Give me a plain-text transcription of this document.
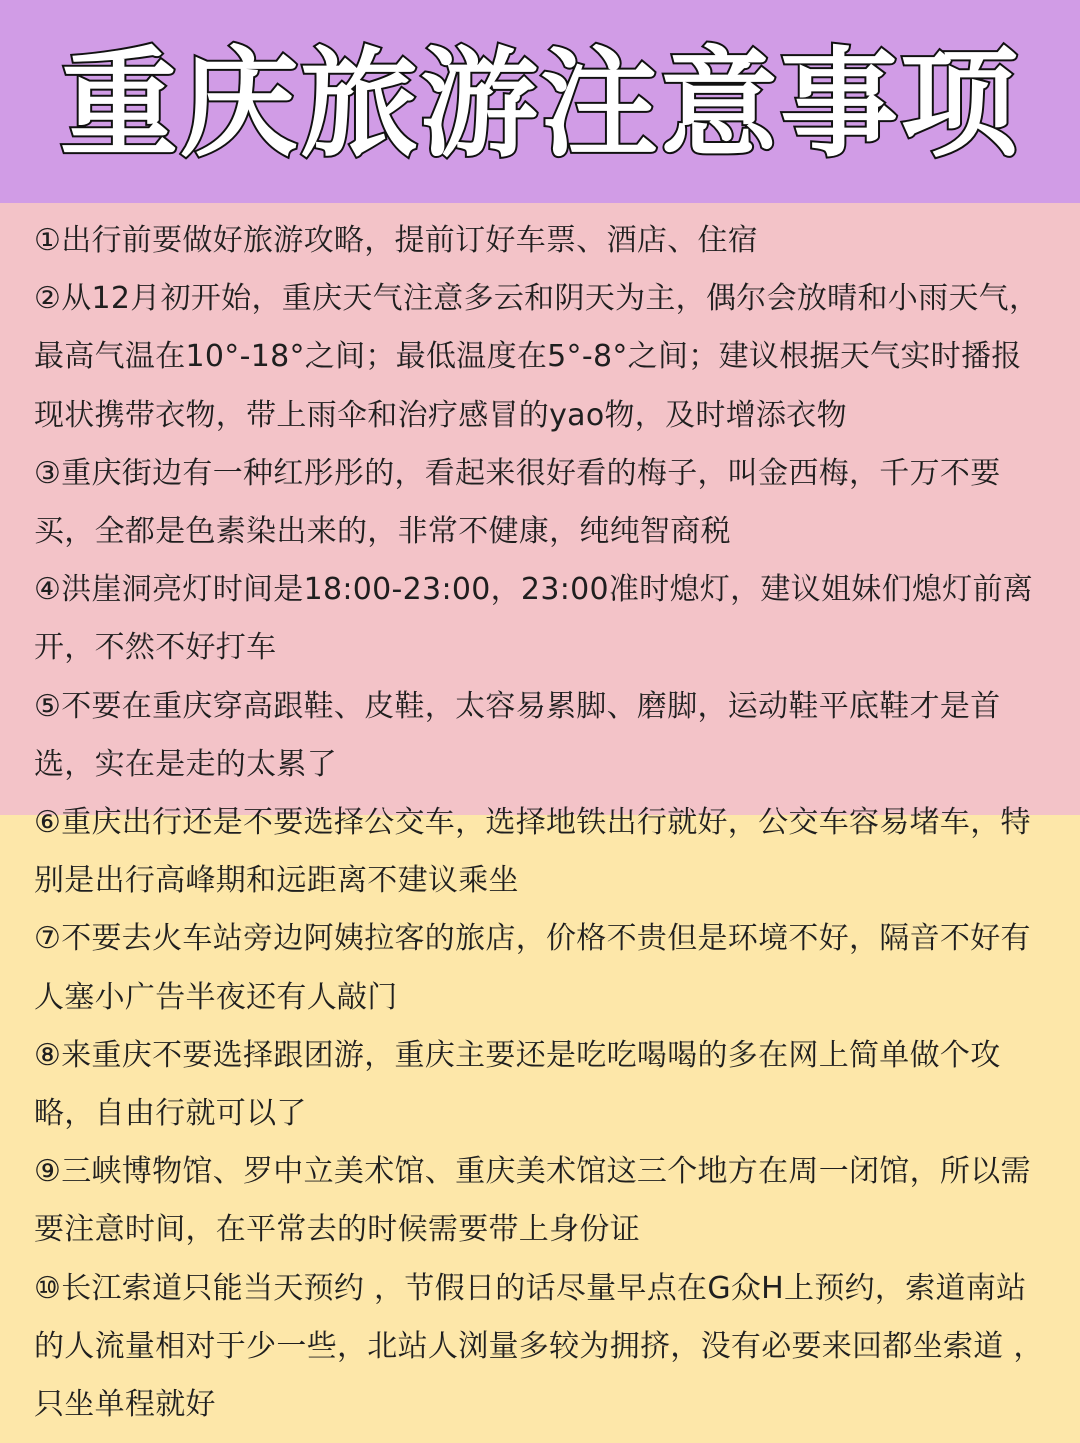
重庆旅游注意事项

①出行前要做好旅游攻略，提前订好车票、酒店、住宿

②从12月初开始，重庆天气注意多云和阴天为主，偶尔会放晴和小雨天气，最高气温在10°-18°之间；最低温度在5°-8°之间；建议根据天气实时播报现状携带衣物，带上雨伞和治疗感冒的yao物，及时增添衣物

③重庆街边有一种红彤彤的，看起来很好看的梅子，叫金西梅，千万不要买，全都是色素染出来的，非常不健康，纯纯智商税

④洪崖洞亮灯时间是18:00-23:00，23:00准时熄灯，建议姐妹们熄灯前离开，不然不好打车

⑤不要在重庆穿高跟鞋、皮鞋，太容易累脚、磨脚，运动鞋平底鞋才是首选，实在是走的太累了

⑥重庆出行还是不要选择公交车，选择地铁出行就好，公交车容易堵车，特别是出行高峰期和远距离不建议乘坐

⑦不要去火车站旁边阿姨拉客的旅店，价格不贵但是环境不好，隔音不好有人塞小广告半夜还有人敲门

⑧来重庆不要选择跟团游，重庆主要还是吃吃喝喝的多在网上简单做个攻略，自由行就可以了

⑨三峡博物馆、罗中立美术馆、重庆美术馆这三个地方在周一闭馆，所以需要注意时间，在平常去的时候需要带上身份证

⑩长江索道只能当天预约 ，节假日的话尽量早点在G众H上预约，索道南站的人流量相对于少一些，北站人浏量多较为拥挤，没有必要来回都坐索道 ，只坐单程就好
